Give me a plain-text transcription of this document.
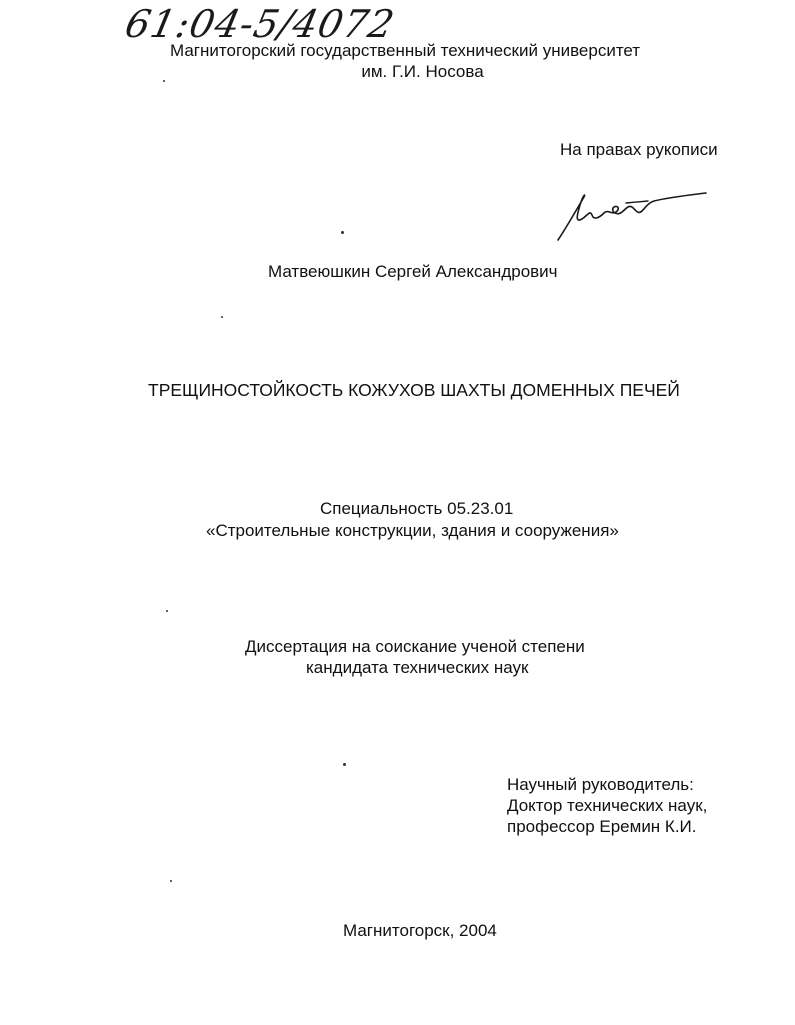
61:04-5/4072
Магнитогорский государственный технический университет
им. Г.И. Носова
На правах рукописи
Матвеюшкин Сергей Александрович
ТРЕЩИНОСТОЙКОСТЬ КОЖУХОВ ШАХТЫ ДОМЕННЫХ ПЕЧЕЙ
Специальность 05.23.01
«Строительные конструкции, здания и сооружения»
Диссертация на соискание ученой степени
кандидата технических наук
Научный руководитель:
Доктор технических наук,
профессор Еремин К.И.
Магнитогорск, 2004
